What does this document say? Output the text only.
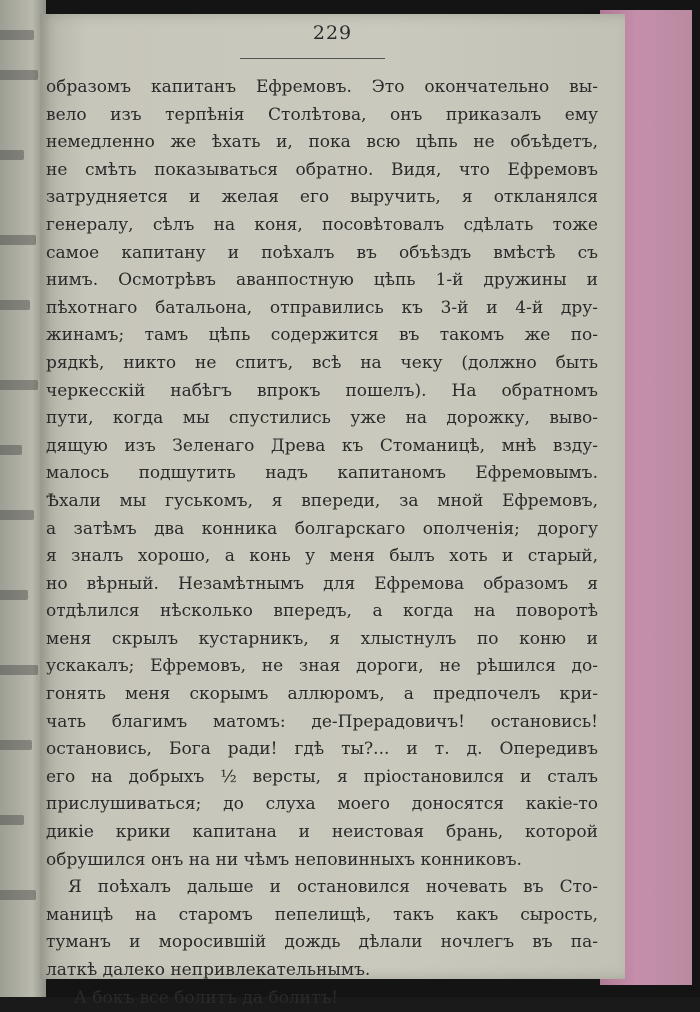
229
образомъ капитанъ Ефремовъ. Это окончательно вы-
вело изъ терпѣнія Столѣтова, онъ приказалъ ему
немедленно же ѣхать и, пока всю цѣпь не объѣдетъ,
не смѣть показываться обратно. Видя, что Ефремовъ
затрудняется и желая его выручить, я откланялся
генералу, сѣлъ на коня, посовѣтовалъ сдѣлать тоже
самое капитану и поѣхалъ въ объѣздъ вмѣстѣ съ
нимъ. Осмотрѣвъ аванпостную цѣпь 1-й дружины и
пѣхотнаго батальона, отправились къ 3-й и 4-й дру-
жинамъ; тамъ цѣпь содержится въ такомъ же по-
рядкѣ, никто не спитъ, всѣ на чеку (должно быть
черкесскій набѣгъ впрокъ пошелъ). На обратномъ
пути, когда мы спустились уже на дорожку, выво-
дящую изъ Зеленаго Древа къ Стоманицѣ, мнѣ взду-
малось подшутить надъ капитаномъ Ефремовымъ.
Ѣхали мы гуськомъ, я впереди, за мной Ефремовъ,
а затѣмъ два конника болгарскаго ополченія; дорогу
я зналъ хорошо, а конь у меня былъ хоть и старый,
но вѣрный. Незамѣтнымъ для Ефремова образомъ я
отдѣлился нѣсколько впередъ, а когда на поворотѣ
меня скрылъ кустарникъ, я хлыстнулъ по коню и
ускакалъ; Ефремовъ, не зная дороги, не рѣшился до-
гонять меня скорымъ аллюромъ, а предпочелъ кри-
чать благимъ матомъ: де-Прерадовичъ! остановись!
остановись, Бога ради! гдѣ ты?... и т. д. Опередивъ
его на добрыхъ ½ версты, я пріостановился и сталъ
прислушиваться; до слуха моего доносятся какіе-то
дикіе крики капитана и неистовая брань, которой
обрушился онъ на ни чѣмъ неповинныхъ конниковъ.
Я поѣхалъ дальше и остановился ночевать въ Сто-
маницѣ на старомъ пепелищѣ, такъ какъ сырость,
туманъ и моросившій дождь дѣлали ночлегъ въ па-
латкѣ далеко непривлекательнымъ.
А бокъ все болитъ да болитъ!
